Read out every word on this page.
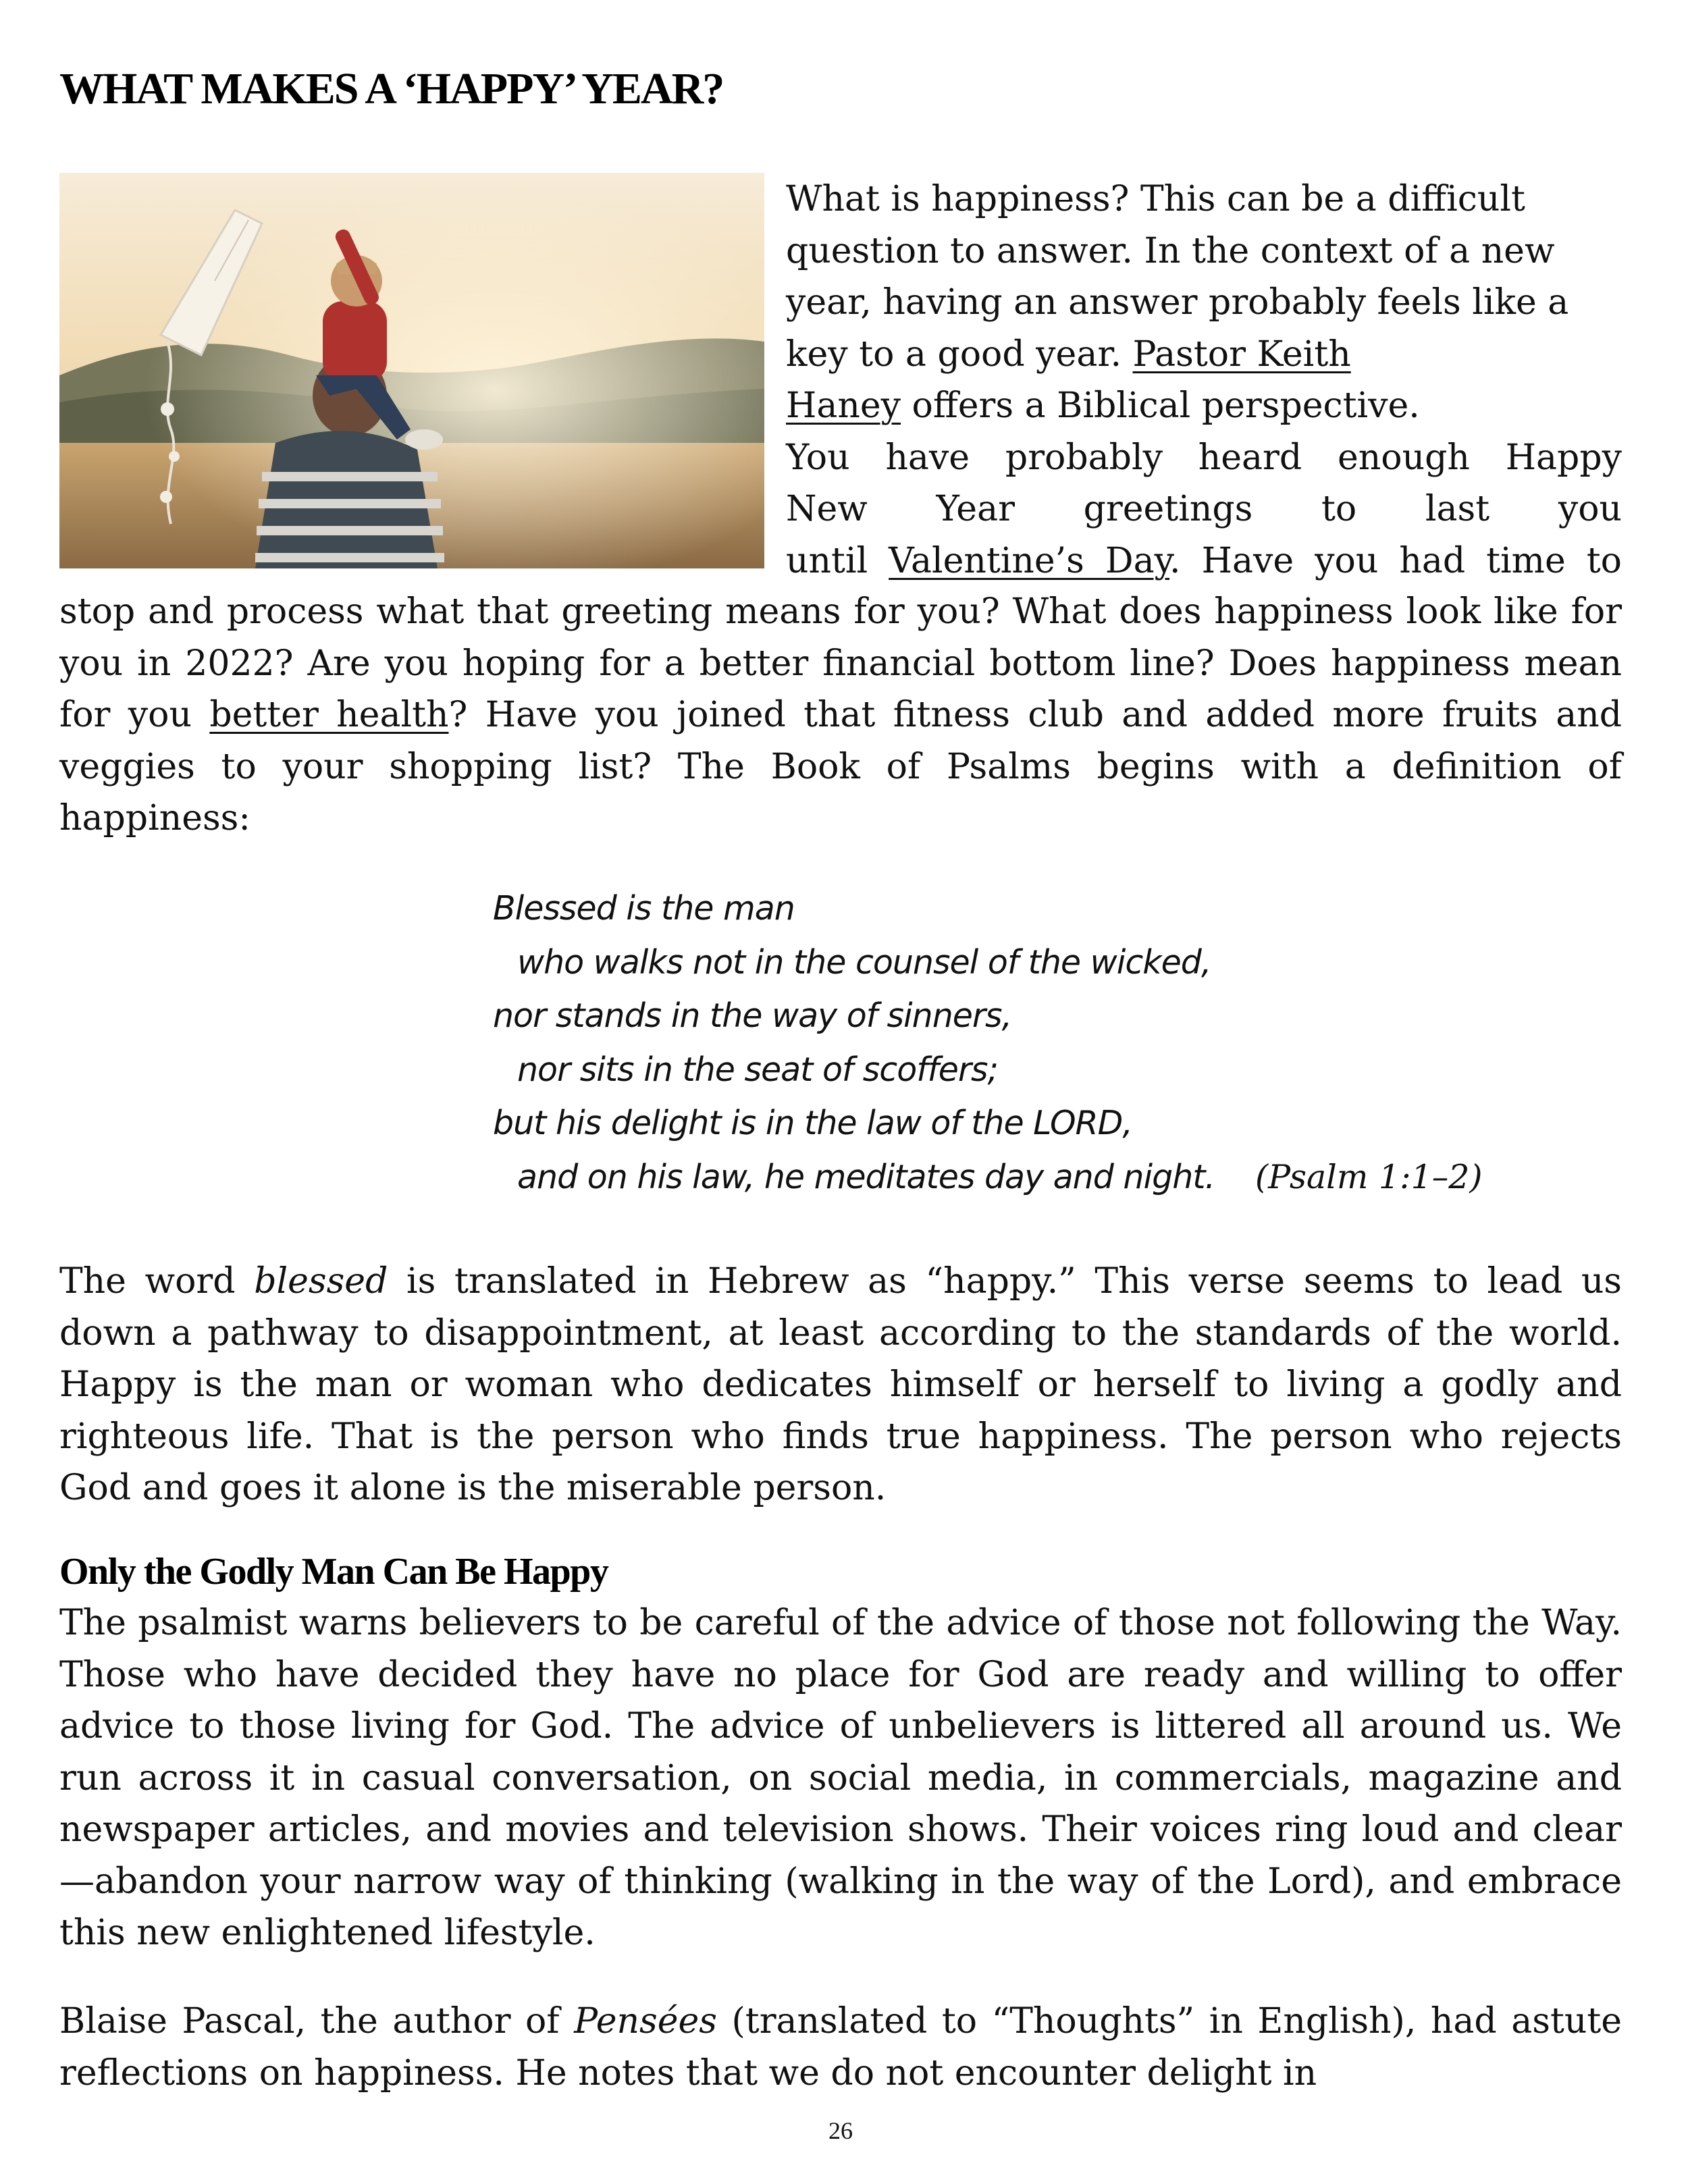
WHAT MAKES A ‘HAPPY’ YEAR?

What is happiness? This can be a difficult
question to answer. In the context of a new
year, having an answer probably feels like a
key to a good year. Pastor Keith
Haney offers a Biblical perspective.
You have probably heard enough Happy
New Year greetings to last you
until Valentine’s Day. Have you had time to

stop and process what that greeting means for you? What does happiness look like for you in 2022? Are you hoping for a better financial bottom line? Does happiness mean for you better health? Have you joined that fitness club and added more fruits and veggies to your shopping list? The Book of Psalms begins with a definition of happiness:

Blessed is the man
who walks not in the counsel of the wicked,
nor stands in the way of sinners,
nor sits in the seat of scoffers;
but his delight is in the law of the LORD,
and on his law, he meditates day and night. (Psalm 1:1–2)

The word blessed is translated in Hebrew as “happy.” This verse seems to lead us down a pathway to disappointment, at least according to the standards of the world. Happy is the man or woman who dedicates himself or herself to living a godly and righteous life. That is the person who finds true happiness. The person who rejects God and goes it alone is the miserable person.

Only the Godly Man Can Be Happy

The psalmist warns believers to be careful of the advice of those not following the Way. Those who have decided they have no place for God are ready and willing to offer advice to those living for God. The advice of unbelievers is littered all around us. We run across it in casual conversation, on social media, in commercials, magazine and newspaper articles, and movies and television shows. Their voices ring loud and clear—abandon your narrow way of thinking (walking in the way of the Lord), and embrace this new enlightened lifestyle.

Blaise Pascal, the author of Pensées (translated to “Thoughts” in English), had astute reflections on happiness. He notes that we do not encounter delight in

26
